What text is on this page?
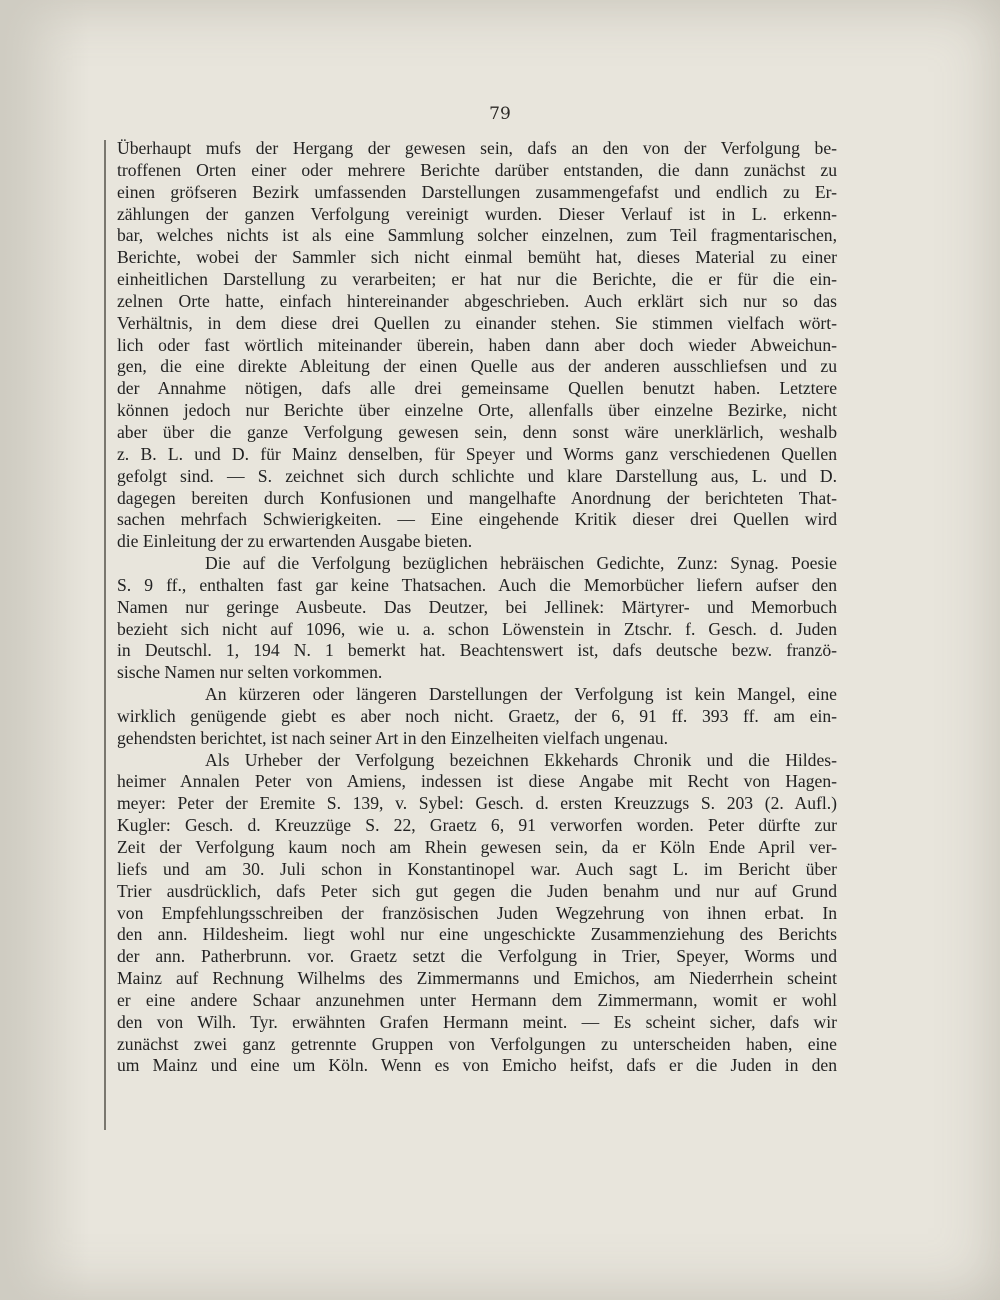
79
Überhaupt mufs der Hergang der gewesen sein, dafs an den von der Verfolgung be-
troffenen Orten einer oder mehrere Berichte darüber entstanden, die dann zunächst zu
einen gröfseren Bezirk umfassenden Darstellungen zusammengefafst und endlich zu Er-
zählungen der ganzen Verfolgung vereinigt wurden. Dieser Verlauf ist in L. erkenn-
bar, welches nichts ist als eine Sammlung solcher einzelnen, zum Teil fragmentarischen,
Berichte, wobei der Sammler sich nicht einmal bemüht hat, dieses Material zu einer
einheitlichen Darstellung zu verarbeiten; er hat nur die Berichte, die er für die ein-
zelnen Orte hatte, einfach hintereinander abgeschrieben. Auch erklärt sich nur so das
Verhältnis, in dem diese drei Quellen zu einander stehen. Sie stimmen vielfach wört-
lich oder fast wörtlich miteinander überein, haben dann aber doch wieder Abweichun-
gen, die eine direkte Ableitung der einen Quelle aus der anderen ausschliefsen und zu
der Annahme nötigen, dafs alle drei gemeinsame Quellen benutzt haben. Letztere
können jedoch nur Berichte über einzelne Orte, allenfalls über einzelne Bezirke, nicht
aber über die ganze Verfolgung gewesen sein, denn sonst wäre unerklärlich, weshalb
z. B. L. und D. für Mainz denselben, für Speyer und Worms ganz verschiedenen Quellen
gefolgt sind. — S. zeichnet sich durch schlichte und klare Darstellung aus, L. und D.
dagegen bereiten durch Konfusionen und mangelhafte Anordnung der berichteten That-
sachen mehrfach Schwierigkeiten. — Eine eingehende Kritik dieser drei Quellen wird
die Einleitung der zu erwartenden Ausgabe bieten.
Die auf die Verfolgung bezüglichen hebräischen Gedichte, Zunz: Synag. Poesie
S. 9 ff., enthalten fast gar keine Thatsachen. Auch die Memorbücher liefern aufser den
Namen nur geringe Ausbeute. Das Deutzer, bei Jellinek: Märtyrer- und Memorbuch
bezieht sich nicht auf 1096, wie u. a. schon Löwenstein in Ztschr. f. Gesch. d. Juden
in Deutschl. 1, 194 N. 1 bemerkt hat. Beachtenswert ist, dafs deutsche bezw. franzö-
sische Namen nur selten vorkommen.
An kürzeren oder längeren Darstellungen der Verfolgung ist kein Mangel, eine
wirklich genügende giebt es aber noch nicht. Graetz, der 6, 91 ff. 393 ff. am ein-
gehendsten berichtet, ist nach seiner Art in den Einzelheiten vielfach ungenau.
Als Urheber der Verfolgung bezeichnen Ekkehards Chronik und die Hildes-
heimer Annalen Peter von Amiens, indessen ist diese Angabe mit Recht von Hagen-
meyer: Peter der Eremite S. 139, v. Sybel: Gesch. d. ersten Kreuzzugs S. 203 (2. Aufl.)
Kugler: Gesch. d. Kreuzzüge S. 22, Graetz 6, 91 verworfen worden. Peter dürfte zur
Zeit der Verfolgung kaum noch am Rhein gewesen sein, da er Köln Ende April ver-
liefs und am 30. Juli schon in Konstantinopel war. Auch sagt L. im Bericht über
Trier ausdrücklich, dafs Peter sich gut gegen die Juden benahm und nur auf Grund
von Empfehlungsschreiben der französischen Juden Wegzehrung von ihnen erbat. In
den ann. Hildesheim. liegt wohl nur eine ungeschickte Zusammenziehung des Berichts
der ann. Patherbrunn. vor. Graetz setzt die Verfolgung in Trier, Speyer, Worms und
Mainz auf Rechnung Wilhelms des Zimmermanns und Emichos, am Niederrhein scheint
er eine andere Schaar anzunehmen unter Hermann dem Zimmermann, womit er wohl
den von Wilh. Tyr. erwähnten Grafen Hermann meint. — Es scheint sicher, dafs wir
zunächst zwei ganz getrennte Gruppen von Verfolgungen zu unterscheiden haben, eine
um Mainz und eine um Köln. Wenn es von Emicho heifst, dafs er die Juden in den
